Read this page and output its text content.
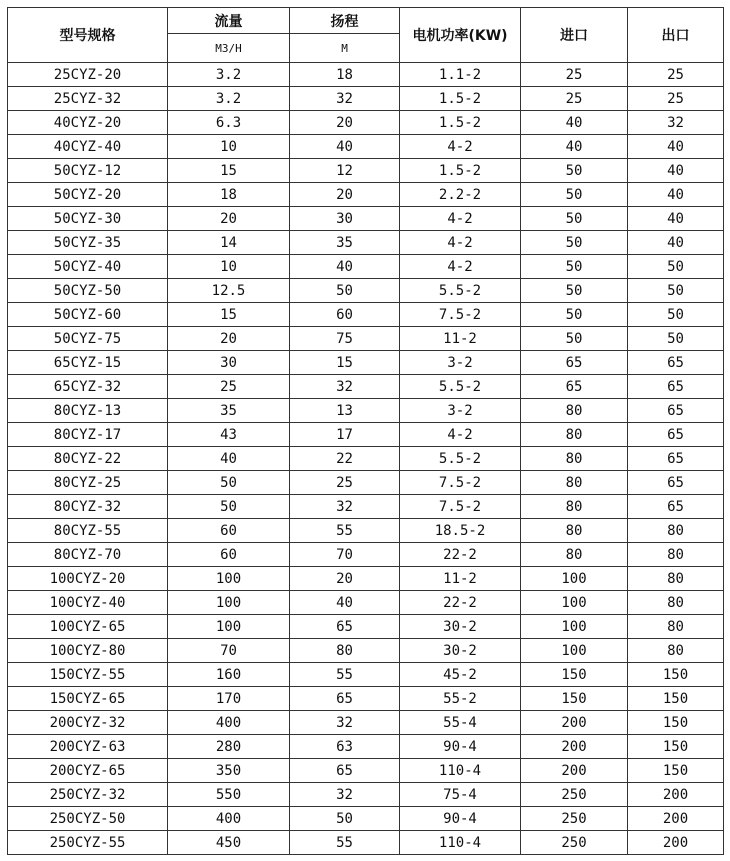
型号规格	流量	扬程	电机功率(KW)	进口	出口
	M3/H	M			
25CYZ-20	3.2	18	1.1-2	25	25
25CYZ-32	3.2	32	1.5-2	25	25
40CYZ-20	6.3	20	1.5-2	40	32
40CYZ-40	10	40	4-2	40	40
50CYZ-12	15	12	1.5-2	50	40
50CYZ-20	18	20	2.2-2	50	40
50CYZ-30	20	30	4-2	50	40
50CYZ-35	14	35	4-2	50	40
50CYZ-40	10	40	4-2	50	50
50CYZ-50	12.5	50	5.5-2	50	50
50CYZ-60	15	60	7.5-2	50	50
50CYZ-75	20	75	11-2	50	50
65CYZ-15	30	15	3-2	65	65
65CYZ-32	25	32	5.5-2	65	65
80CYZ-13	35	13	3-2	80	65
80CYZ-17	43	17	4-2	80	65
80CYZ-22	40	22	5.5-2	80	65
80CYZ-25	50	25	7.5-2	80	65
80CYZ-32	50	32	7.5-2	80	65
80CYZ-55	60	55	18.5-2	80	80
80CYZ-70	60	70	22-2	80	80
100CYZ-20	100	20	11-2	100	80
100CYZ-40	100	40	22-2	100	80
100CYZ-65	100	65	30-2	100	80
100CYZ-80	70	80	30-2	100	80
150CYZ-55	160	55	45-2	150	150
150CYZ-65	170	65	55-2	150	150
200CYZ-32	400	32	55-4	200	150
200CYZ-63	280	63	90-4	200	150
200CYZ-65	350	65	110-4	200	150
250CYZ-32	550	32	75-4	250	200
250CYZ-50	400	50	90-4	250	200
250CYZ-55	450	55	110-4	250	200
